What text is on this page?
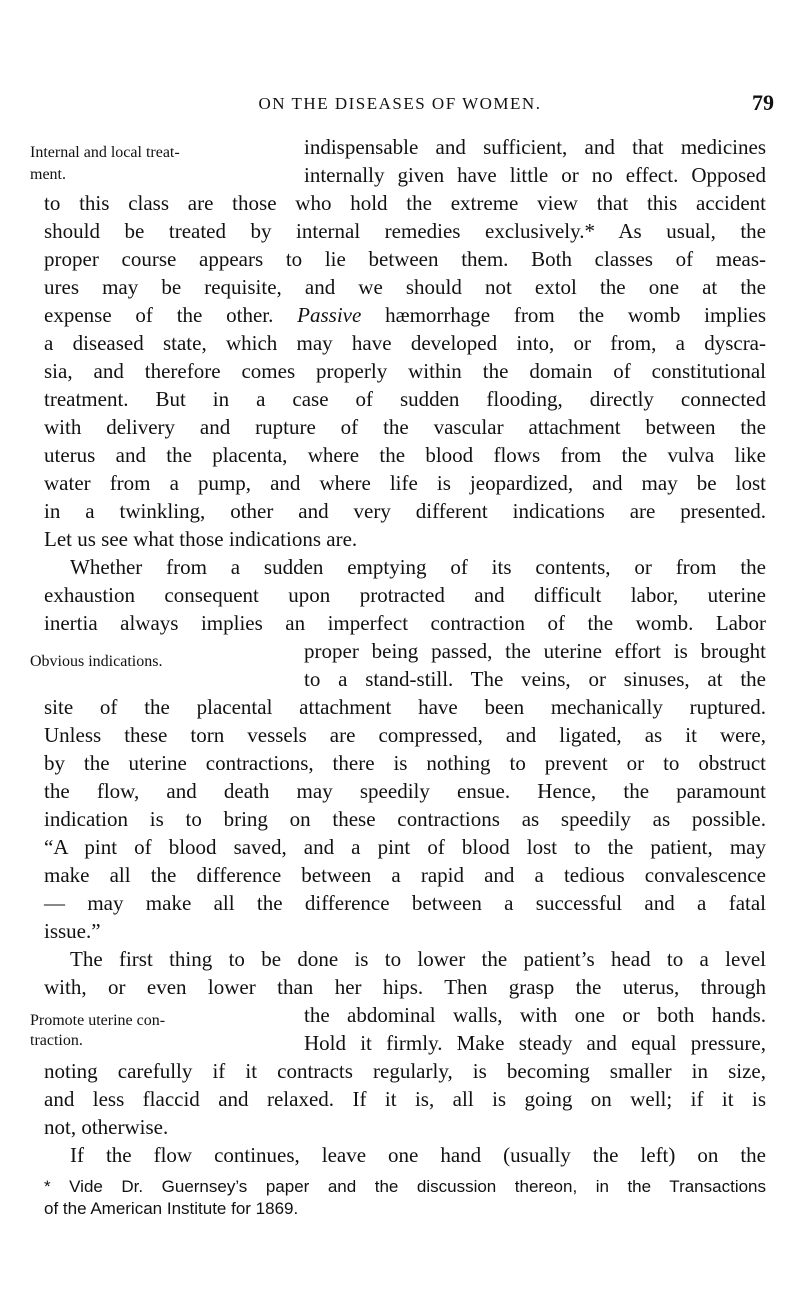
ON THE DISEASES OF WOMEN.	79
Internal and local treat-
ment.
Obvious indications.
Promote uterine con-
traction.
indispensable and sufficient, and that medicines
internally given have little or no effect. Opposed
to this class are those who hold the extreme view that this accident
should be treated by internal remedies exclusively.* As usual, the
proper course appears to lie between them. Both classes of meas-
ures may be requisite, and we should not extol the one at the
expense of the other. Passive hæmorrhage from the womb implies
a diseased state, which may have developed into, or from, a dyscra-
sia, and therefore comes properly within the domain of constitutional
treatment. But in a case of sudden flooding, directly connected
with delivery and rupture of the vascular attachment between the
uterus and the placenta, where the blood flows from the vulva like
water from a pump, and where life is jeopardized, and may be lost
in a twinkling, other and very different indications are presented.
Let us see what those indications are.
Whether from a sudden emptying of its contents, or from the
exhaustion consequent upon protracted and difficult labor, uterine
inertia always implies an imperfect contraction of the womb. Labor
proper being passed, the uterine effort is brought
to a stand-still. The veins, or sinuses, at the
site of the placental attachment have been mechanically ruptured.
Unless these torn vessels are compressed, and ligated, as it were,
by the uterine contractions, there is nothing to prevent or to obstruct
the flow, and death may speedily ensue. Hence, the paramount
indication is to bring on these contractions as speedily as possible.
“A pint of blood saved, and a pint of blood lost to the patient, may
make all the difference between a rapid and a tedious convalescence
— may make all the difference between a successful and a fatal
issue.”
The first thing to be done is to lower the patient’s head to a level
with, or even lower than her hips. Then grasp the uterus, through
the abdominal walls, with one or both hands.
Hold it firmly. Make steady and equal pressure,
noting carefully if it contracts regularly, is becoming smaller in size,
and less flaccid and relaxed. If it is, all is going on well; if it is
not, otherwise.
If the flow continues, leave one hand (usually the left) on the
* Vide Dr. Guernsey’s paper and the discussion thereon, in the Transactions
of the American Institute for 1869.
